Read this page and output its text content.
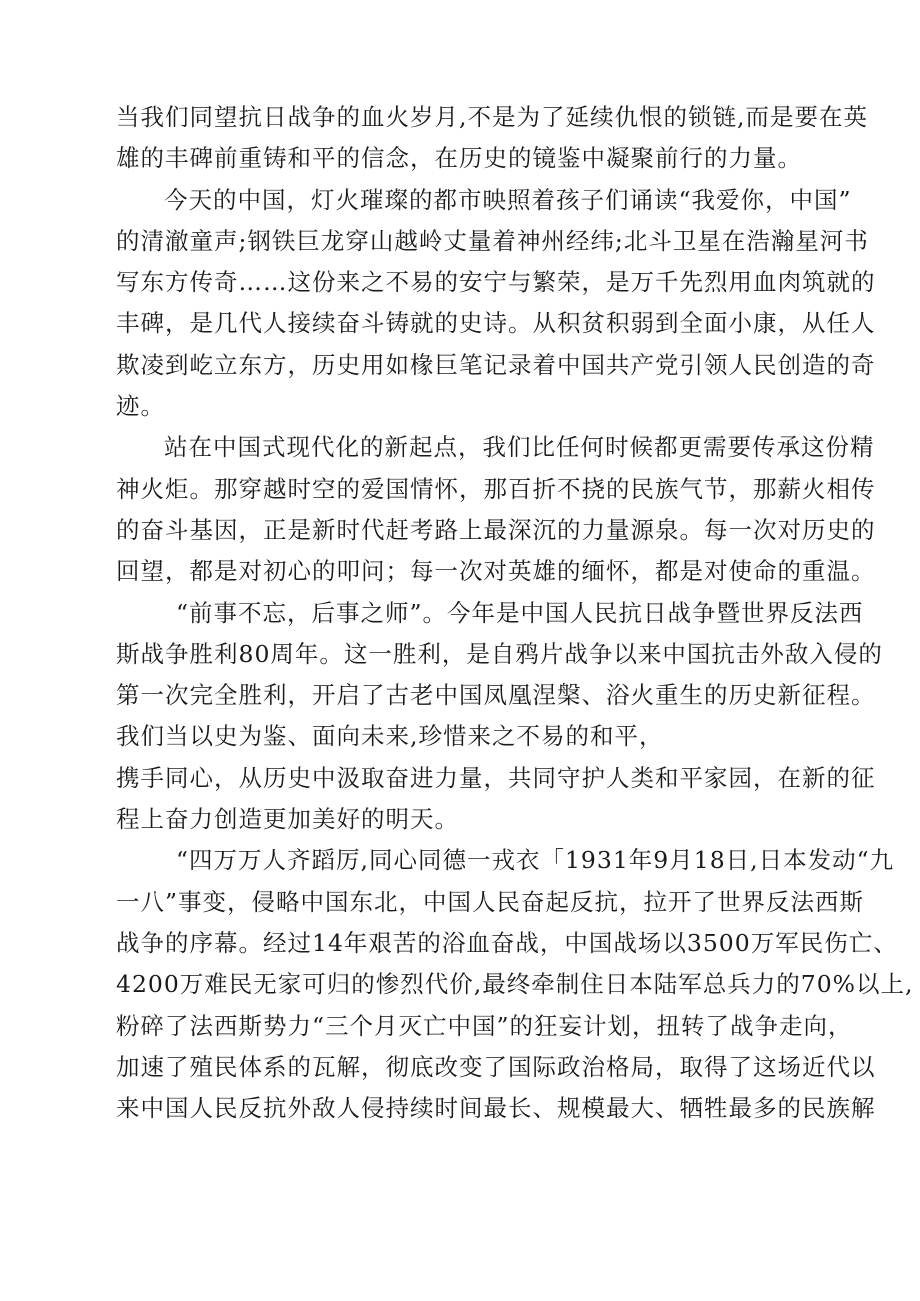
当我们同望抗日战争的血火岁月,不是为了延续仇恨的锁链,而是要在英
雄的丰碑前重铸和平的信念，在历史的镜鉴中凝聚前行的力量。
今天的中国，灯火璀璨的都市映照着孩子们诵读“我爱你，中国”
的清澈童声;钢铁巨龙穿山越岭丈量着神州经纬;北斗卫星在浩瀚星河书
写东方传奇……这份来之不易的安宁与繁荣，是万千先烈用血肉筑就的
丰碑，是几代人接续奋斗铸就的史诗。从积贫积弱到全面小康，从任人
欺凌到屹立东方，历史用如椽巨笔记录着中国共产党引领人民创造的奇
迹。
站在中国式现代化的新起点，我们比任何时候都更需要传承这份精
神火炬。那穿越时空的爱国情怀，那百折不挠的民族气节，那薪火相传
的奋斗基因，正是新时代赶考路上最深沉的力量源泉。每一次对历史的
回望，都是对初心的叩问；每一次对英雄的缅怀，都是对使命的重温。
“前事不忘，后事之师”。今年是中国人民抗日战争暨世界反法西
斯战争胜利80周年。这一胜利，是自鸦片战争以来中国抗击外敌入侵的
第一次完全胜利，开启了古老中国凤凰涅槃、浴火重生的历史新征程。
我们当以史为鉴、面向未来,珍惜来之不易的和平，
携手同心，从历史中汲取奋进力量，共同守护人类和平家园，在新的征
程上奋力创造更加美好的明天。
“四万万人齐蹈厉,同心同德一戎衣「1931年9月18日,日本发动“九
一八”事变，侵略中国东北，中国人民奋起反抗，拉开了世界反法西斯
战争的序幕。经过14年艰苦的浴血奋战，中国战场以3500万军民伤亡、
4200万难民无家可归的惨烈代价,最终牵制住日本陆军总兵力的70%以上,
粉碎了法西斯势力“三个月灭亡中国”的狂妄计划，扭转了战争走向，
加速了殖民体系的瓦解，彻底改变了国际政治格局，取得了这场近代以
来中国人民反抗外敌人侵持续时间最长、规模最大、牺牲最多的民族解
